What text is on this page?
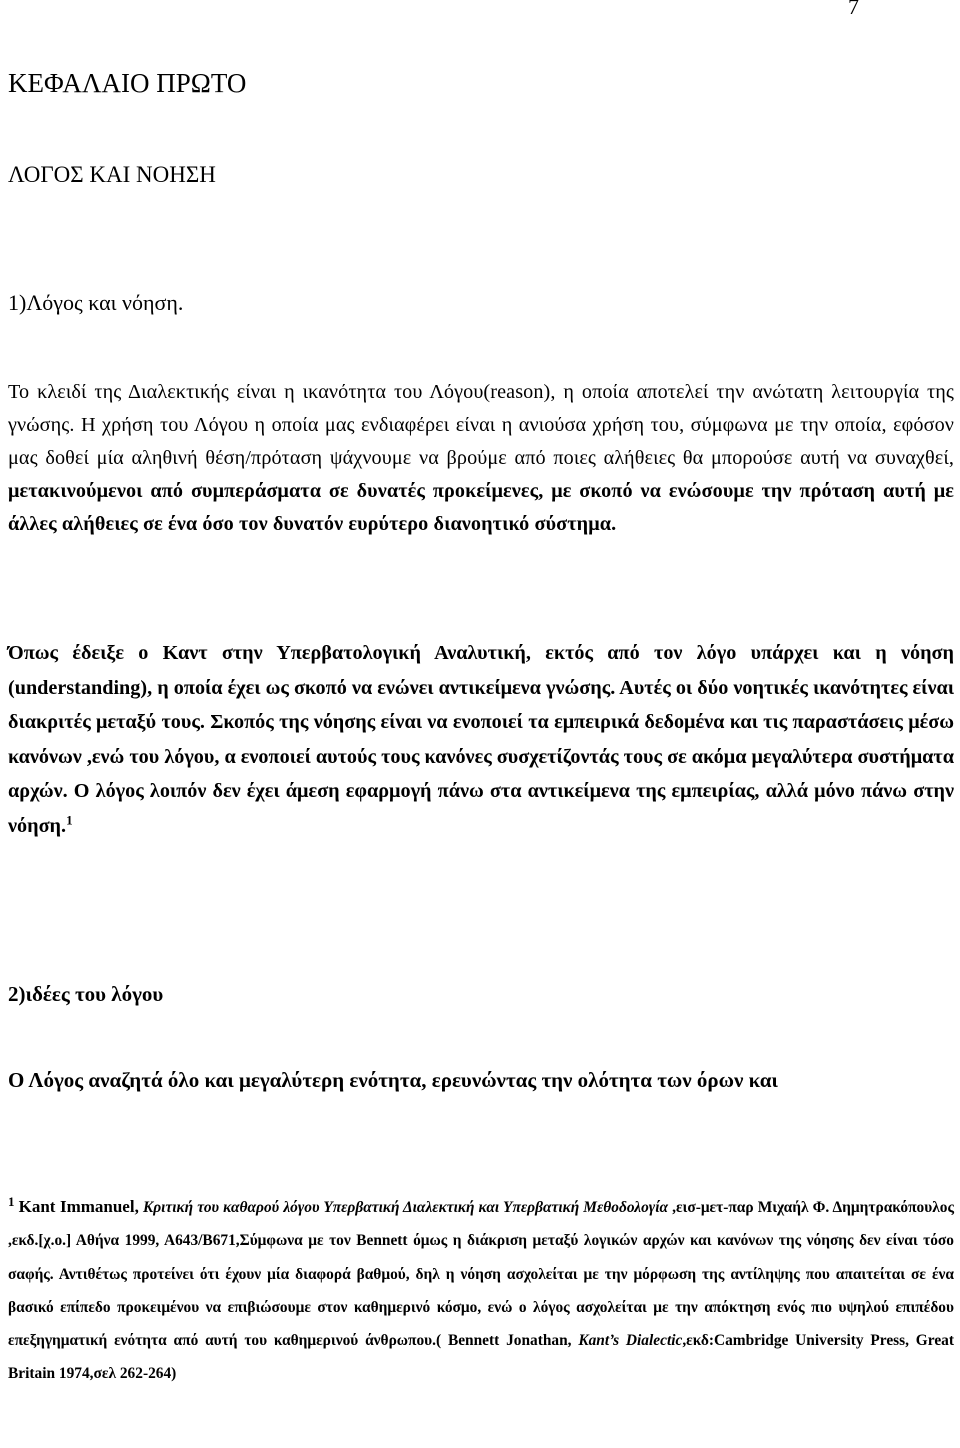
7
ΚΕΦΑΛΑΙΟ ΠΡΩΤΟ
ΛΟΓΟΣ ΚΑΙ ΝΟΗΣΗ
1)Λόγος και νόηση.

Το κλειδί της Διαλεκτικής είναι η ικανότητα του Λόγου(reason), η οποία αποτελεί την ανώτατη λειτουργία της γνώσης. Η χρήση του Λόγου η οποία μας ενδιαφέρει είναι η ανιούσα χρήση του, σύμφωνα με την οποία, εφόσον μας δοθεί μία αληθινή θέση/πρόταση ψάχνουμε να βρούμε από ποιες αλήθειες θα μπορούσε αυτή να συναχθεί, μετακινούμενοι από συμπεράσματα σε δυνατές προκείμενες, με σκοπό να ενώσουμε την πρόταση αυτή με άλλες αλήθειες σε ένα όσο τον δυνατόν ευρύτερο διανοητικό σύστημα.

Όπως έδειξε ο Καντ στην Υπερβατολογική Αναλυτική, εκτός από τον λόγο υπάρχει και η νόηση (understanding), η οποία έχει ως σκοπό να ενώνει αντικείμενα γνώσης. Αυτές οι δύο νοητικές ικανότητες είναι διακριτές μεταξύ τους. Σκοπός της νόησης είναι να ενοποιεί τα εμπειρικά δεδομένα και τις παραστάσεις μέσω κανόνων ,ενώ του λόγου, α ενοποιεί αυτούς τους κανόνες συσχετίζοντάς τους σε ακόμα μεγαλύτερα συστήματα αρχών. Ο λόγος λοιπόν δεν έχει άμεση εφαρμογή πάνω στα αντικείμενα της εμπειρίας, αλλά μόνο πάνω στην νόηση.$^1$

2)ιδέες του λόγου
Ο Λόγος αναζητά όλο και μεγαλύτερη ενότητα, ερευνώντας την ολότητα των όρων και

$^1$ Kant Immanuel, Κριτική του καθαρού λόγου Υπερβατική Διαλεκτική και Υπερβατική Μεθοδολογία ,εισ-μετ-παρ Μιχαήλ Φ. Δημητρακόπουλος ,εκδ.[χ.ο.] Αθήνα 1999, Α643/Β671,Σύμφωνα με τον Bennett όμως η διάκριση μεταξύ λογικών αρχών και κανόνων της νόησης δεν είναι τόσο σαφής. Αντιθέτως προτείνει ότι έχουν μία διαφορά βαθμού, δηλ η νόηση ασχολείται με την μόρφωση της αντίληψης που απαιτείται σε ένα βασικό επίπεδο προκειμένου να επιβιώσουμε στον καθημερινό κόσμο, ενώ ο λόγος ασχολείται με την απόκτηση ενός πιο υψηλού επιπέδου επεξηγηματική ενότητα από αυτή του καθημερινού άνθρωπου.( Bennett Jonathan, Kant’s Dialectic,εκδ:Cambridge University Press, Great Britain 1974,σελ 262-264)
